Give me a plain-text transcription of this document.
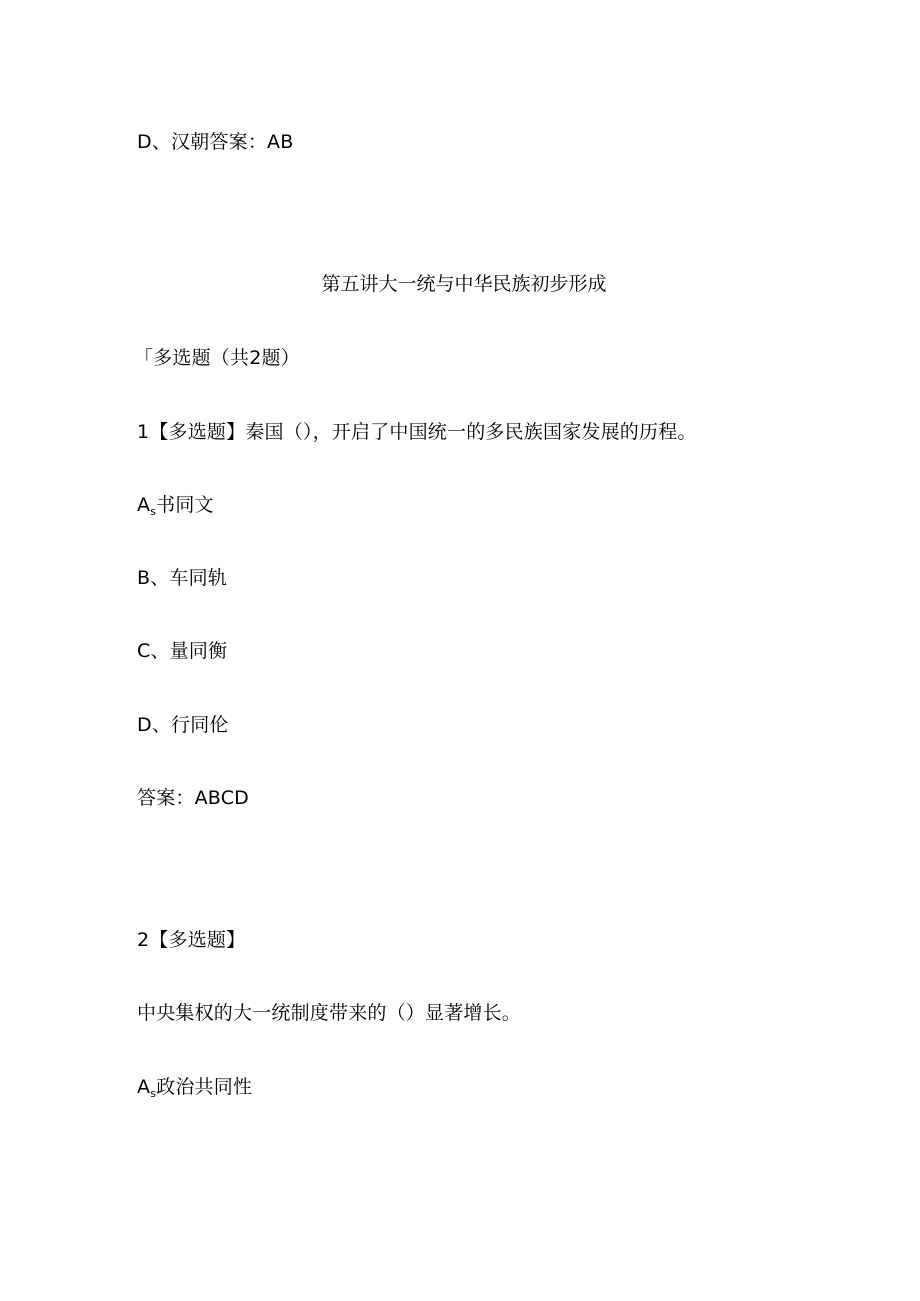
D、汉朝答案：AB
第五讲大一统与中华民族初步形成
「多选题（共2题）
1【多选题】秦国（），开启了中国统一的多民族国家发展的历程。
$A_s$书同文
B、车同轨
C、量同衡
D、行同伦
答案：ABCD
2【多选题】
中央集权的大一统制度带来的（）显著增长。
$A_s$政治共同性
